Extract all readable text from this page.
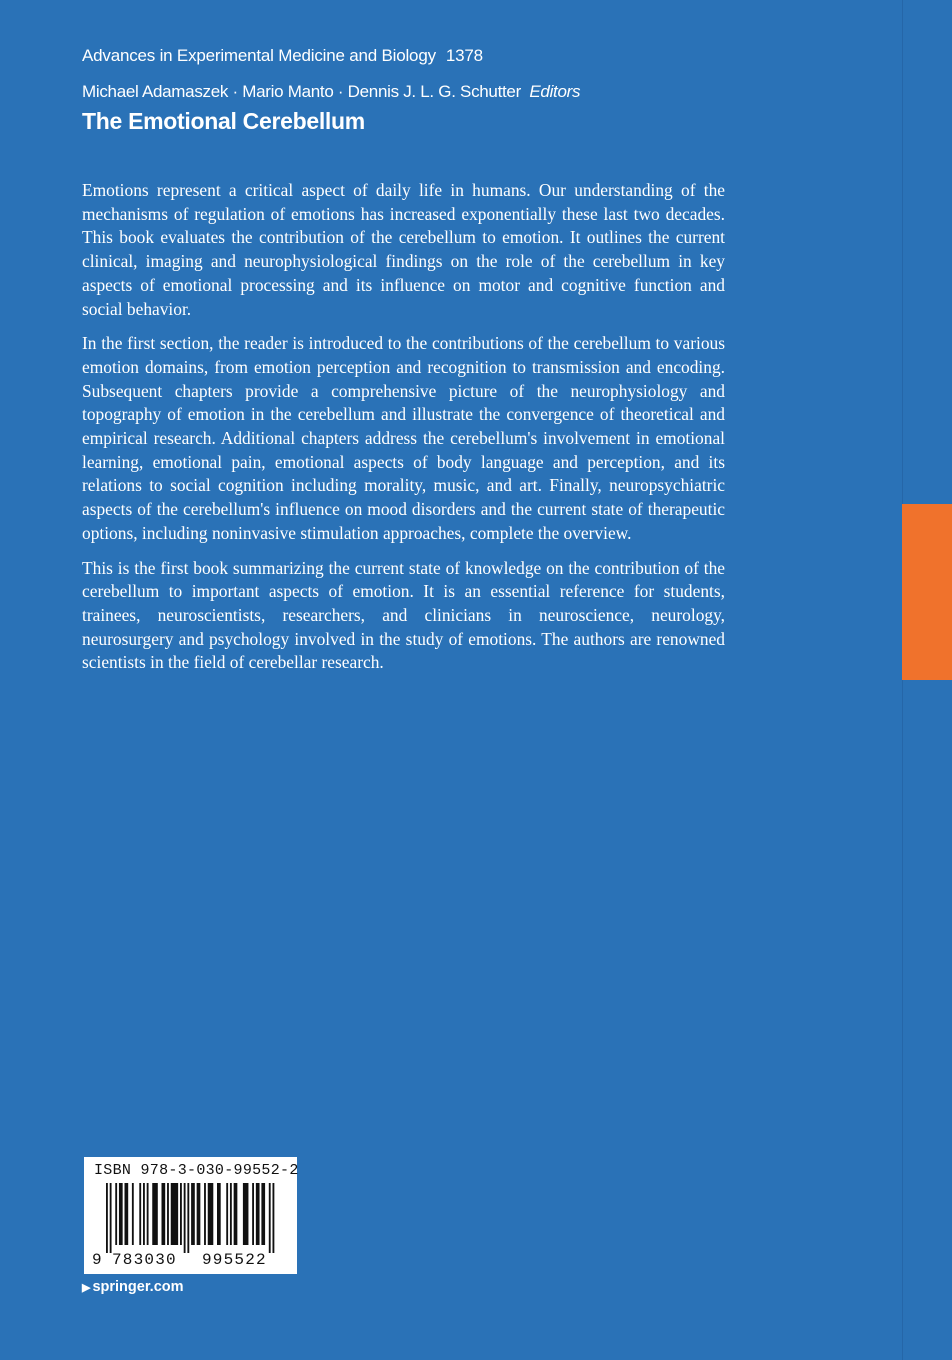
Advances in Experimental Medicine and Biology 1378
Michael Adamaszek · Mario Manto · Dennis J. L. G. Schutter Editors
The Emotional Cerebellum

Emotions represent a critical aspect of daily life in humans. Our understanding of the mechanisms of regulation of emotions has increased exponentially these last two decades. This book evaluates the contribution of the cerebellum to emotion. It outlines the current clinical, imaging and neurophysiological findings on the role of the cerebellum in key aspects of emotional processing and its influence on motor and cognitive function and social behavior.

In the first section, the reader is introduced to the contributions of the cerebellum to various emotion domains, from emotion perception and recognition to transmission and encoding. Subsequent chapters provide a comprehensive picture of the neurophysiology and topography of emotion in the cerebellum and illustrate the convergence of theoretical and empirical research. Additional chapters address the cerebellum's involvement in emotional learning, emotional pain, emotional aspects of body language and perception, and its relations to social cognition including morality, music, and art. Finally, neuropsychiatric aspects of the cerebellum's influence on mood disorders and the current state of therapeutic options, including noninvasive stimulation approaches, complete the overview.

This is the first book summarizing the current state of knowledge on the contribution of the cerebellum to important aspects of emotion. It is an essential reference for students, trainees, neuroscientists, researchers, and clinicians in neuroscience, neurology, neurosurgery and psychology involved in the study of emotions. The authors are renowned scientists in the field of cerebellar research.

ISBN 978-3-030-99552-2
9 783030 995522
▶ springer.com
